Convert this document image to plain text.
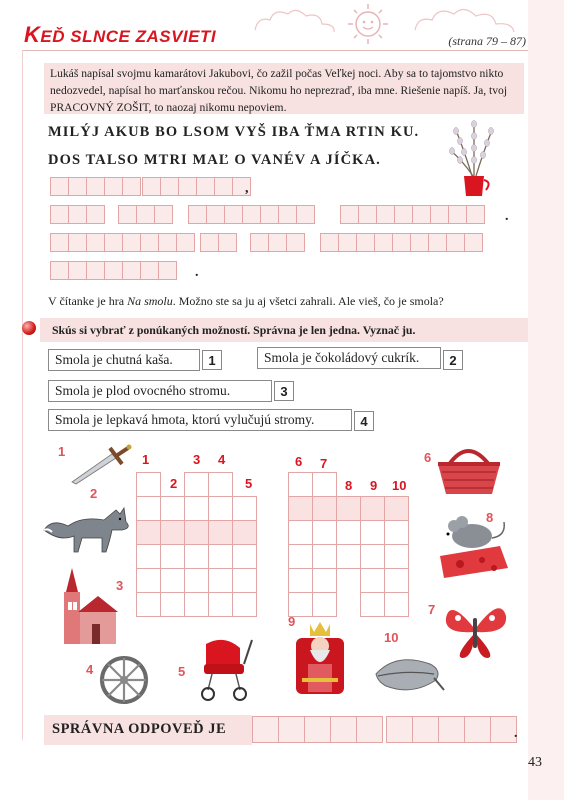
KEĎ SLNCE ZASVIETI	(strana 79 – 87)
Lukáš napísal svojmu kamarátovi Jakubovi, čo zažil počas Veľkej noci. Aby sa to tajomstvo nikto nedozvedel, napísal ho marťanskou rečou. Nikomu ho neprezraď, iba mne. Riešenie napíš. Ja, tvoj PRACOVNÝ ZOŠIT, to naozaj nikomu nepoviem.
MILÝJ AKUB BO LSOM VYŠ IBA ŤMA RTIN KU.
DOS TALSO MTRI MAĽ O VANÉV A JÍČKA.
,
.
.
V čítanke je hra Na smolu. Možno ste sa ju aj všetci zahrali. Ale vieš, čo je smola?
Skús si vybrať z ponúkaných možností. Správna je len jedna. Vyznač ju.
Smola je chutná kaša.	1	Smola je čokoládový cukrík.	2
Smola je plod ovocného stromu.	3
Smola je lepkavá hmota, ktorú vylučujú stromy.	4
1
2
3 4
5
6 7
8 9 10
1
2
3
4	5
6
7
8
9
10
SPRÁVNA ODPOVEĎ JE	.
43
